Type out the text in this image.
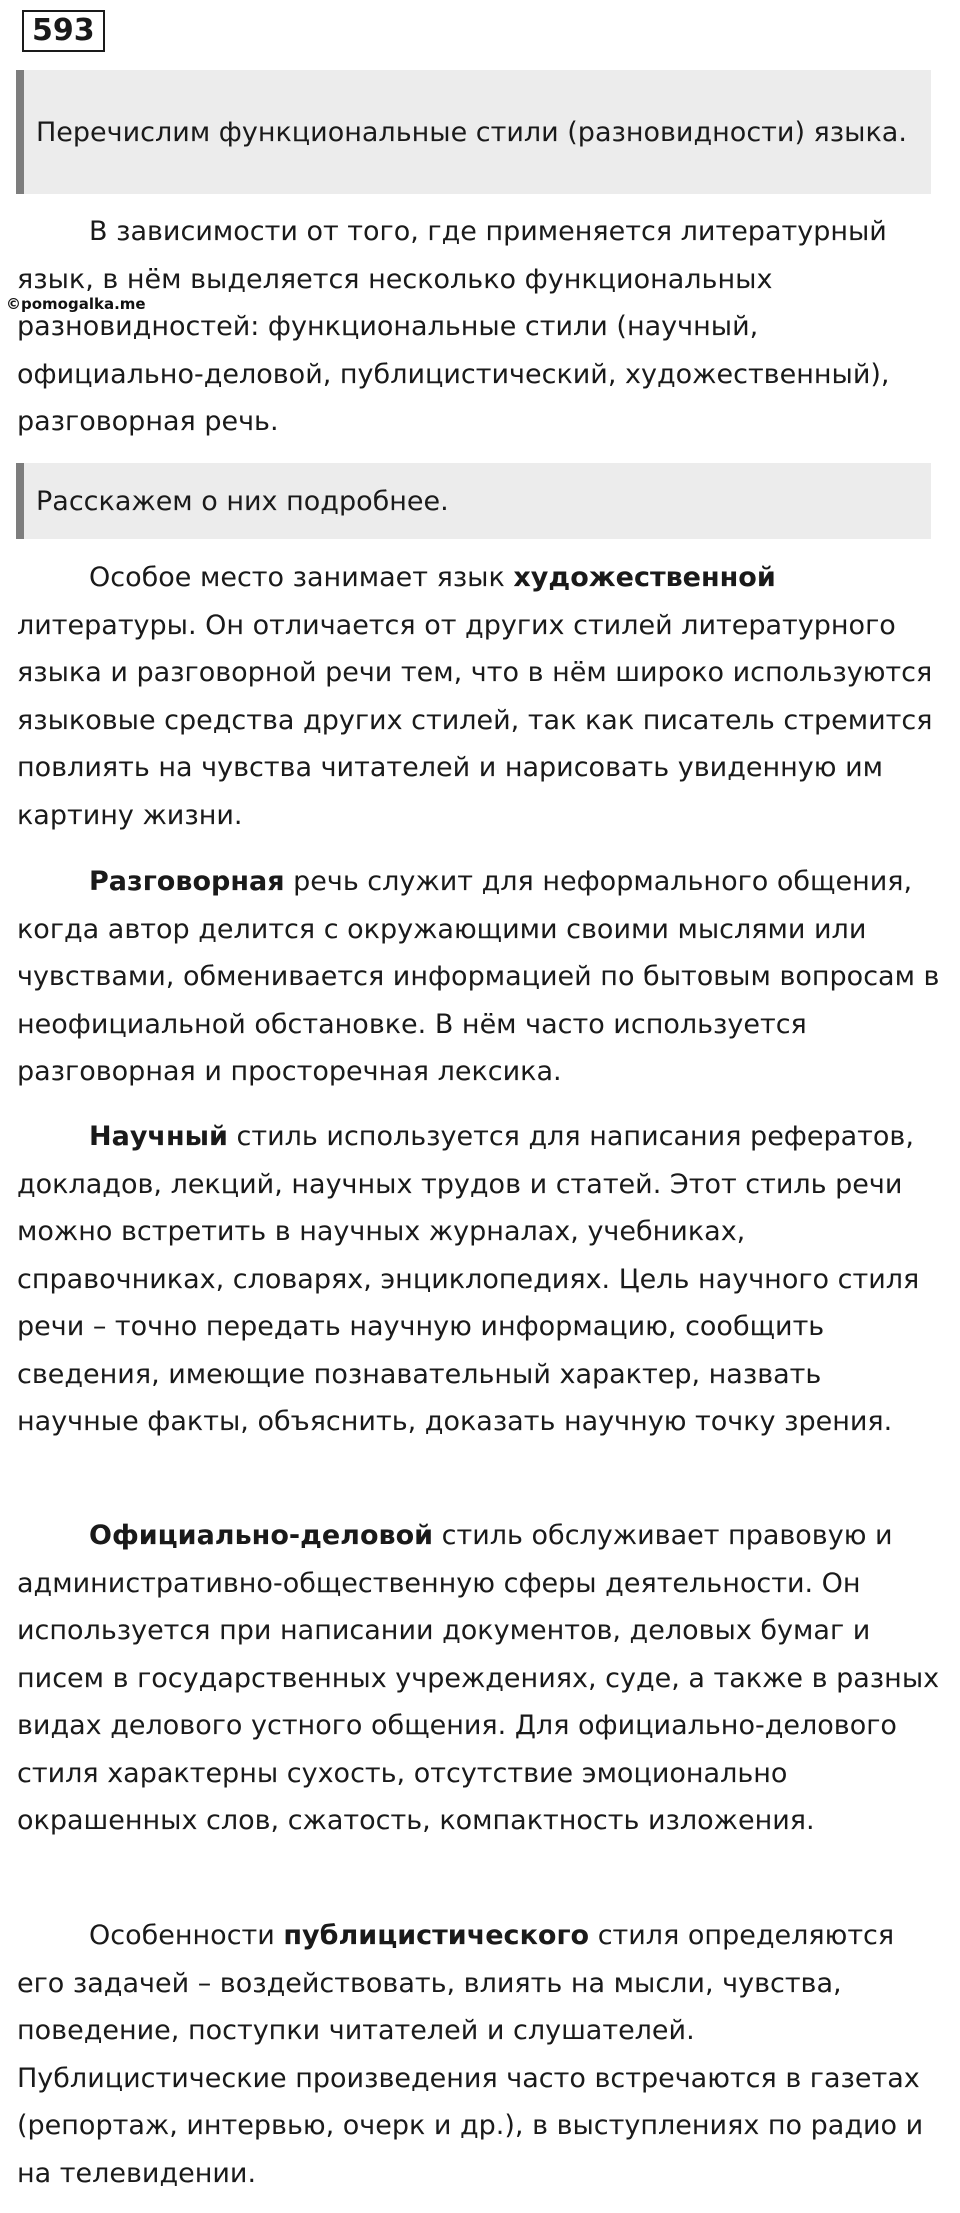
593
Перечислим функциональные стили (разновидности) языка.

В зависимости от того, где применяется литературный язык, в нём выделяется несколько функциональных разновидностей: функциональные стили (научный, официально-деловой, публицистический, художественный), разговорная речь.

©pomogalka.me
Расскажем о них подробнее.

Особое место занимает язык художественной литературы. Он отличается от других стилей литературного языка и разговорной речи тем, что в нём широко используются языковые средства других стилей, так как писатель стремится повлиять на чувства читателей и нарисовать увиденную им картину жизни.

Разговорная речь служит для неформального общения, когда автор делится с окружающими своими мыслями или чувствами, обменивается информацией по бытовым вопросам в неофициальной обстановке. В нём часто используется разговорная и просторечная лексика.

Научный стиль используется для написания рефератов, докладов, лекций, научных трудов и статей. Этот стиль речи можно встретить в научных журналах, учебниках, справочниках, словарях, энциклопедиях. Цель научного стиля речи – точно передать научную информацию, сообщить сведения, имеющие познавательный характер, назвать научные факты, объяснить, доказать научную точку зрения.

Официально-деловой стиль обслуживает правовую и административно-общественную сферы деятельности. Он используется при написании документов, деловых бумаг и писем в государственных учреждениях, суде, а также в разных видах делового устного общения. Для официально-делового стиля характерны сухость, отсутствие эмоционально окрашенных слов, сжатость, компактность изложения.

Особенности публицистического стиля определяются его задачей – воздействовать, влиять на мысли, чувства, поведение, поступки читателей и слушателей. Публицистические произведения часто встречаются в газетах (репортаж, интервью, очерк и др.), в выступлениях по радио и на телевидении.
